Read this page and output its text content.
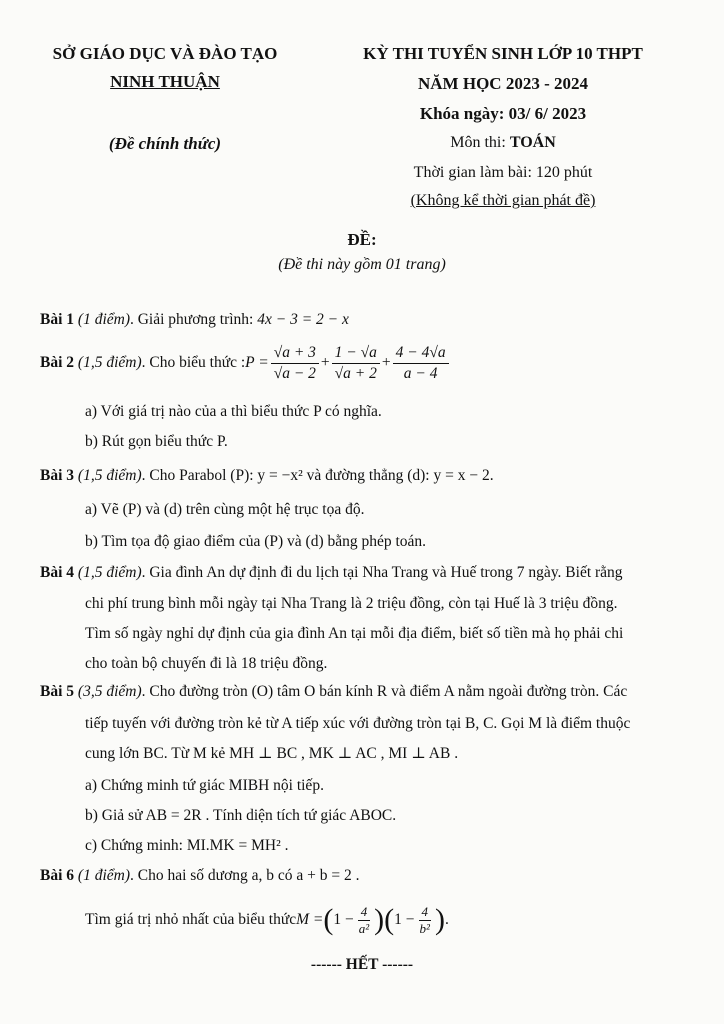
SỞ GIÁO DỤC VÀ ĐÀO TẠO
NINH THUẬN
(Đề chính thức)
KỲ THI TUYỂN SINH LỚP 10 THPT
NĂM HỌC 2023 - 2024
Khóa ngày: 03/ 6/ 2023
Môn thi: TOÁN
Thời gian làm bài: 120 phút
(Không kể thời gian phát đề)
ĐỀ:
(Đề thi này gồm 01 trang)
Bài 1 (1 điểm). Giải phương trình: 4x − 3 = 2 − x
Bài 2
(1,5 điểm) . Cho biểu thức : $P = \frac{√a + 3}{√a - 2} + \frac{1 - √a}{√a + 2} + \frac{4 - 4√a}{a - 4}$
a) Với giá trị nào của a thì biểu thức P có nghĩa.
b) Rút gọn biểu thức P.
Bài 3 (1,5 điểm). Cho Parabol (P): y = −x² và đường thẳng (d): y = x − 2.
a) Vẽ (P) và (d) trên cùng một hệ trục tọa độ.
b) Tìm tọa độ giao điểm của (P) và (d) bằng phép toán.
Bài 4 (1,5 điểm). Gia đình An dự định đi du lịch tại Nha Trang và Huế trong 7 ngày. Biết rằng
chi phí trung bình mỗi ngày tại Nha Trang là 2 triệu đồng, còn tại Huế là 3 triệu đồng.
Tìm số ngày nghỉ dự định của gia đình An tại mỗi địa điểm, biết số tiền mà họ phải chi
cho toàn bộ chuyến đi là 18 triệu đồng.
Bài 5 (3,5 điểm). Cho đường tròn (O) tâm O bán kính R và điểm A nằm ngoài đường tròn. Các
tiếp tuyến với đường tròn kẻ từ A tiếp xúc với đường tròn tại B, C. Gọi M là điểm thuộc
cung lớn BC. Từ M kẻ MH ⊥ BC , MK ⊥ AC , MI ⊥ AB .
a) Chứng minh tứ giác MIBH nội tiếp.
b) Giả sử AB = 2R . Tính diện tích tứ giác ABOC.
c) Chứng minh: MI.MK = MH² .
Bài 6 (1 điểm). Cho hai số dương a, b có a + b = 2 .
Tìm giá trị nhỏ nhất của biểu thức M = ( $1 - \frac{4}{\text{a²}}$ ) ( $1 - \frac{4}{\text{b²}}$ ) .
------ HẾT ------
